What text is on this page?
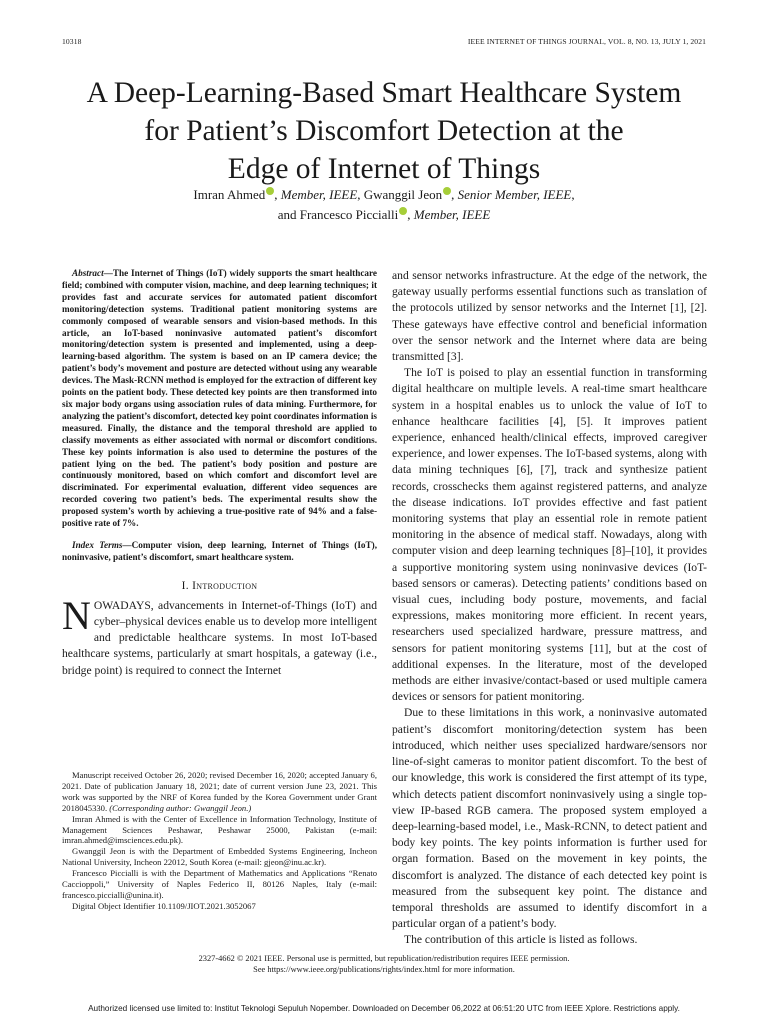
10318	IEEE INTERNET OF THINGS JOURNAL, VOL. 8, NO. 13, JULY 1, 2021
A Deep-Learning-Based Smart Healthcare System
for Patient’s Discomfort Detection at the
Edge of Internet of Things
Imran Ahmed , Member, IEEE, Gwanggil Jeon , Senior Member, IEEE,
and Francesco Piccialli , Member, IEEE

Abstract—The Internet of Things (IoT) widely supports the smart healthcare field; combined with computer vision, machine, and deep learning techniques; it provides fast and accurate services for automated patient discomfort monitoring/detection systems. Traditional patient monitoring systems are commonly composed of wearable sensors and vision-based methods. In this article, an IoT-based noninvasive automated patient’s discomfort monitoring/detection system is presented and implemented, using a deep-learning-based algorithm. The system is based on an IP camera device; the patient’s body’s movement and posture are detected without using any wearable devices. The Mask-RCNN method is employed for the extraction of different key points on the patient body. These detected key points are then transformed into six major body organs using association rules of data mining. Furthermore, for analyzing the patient’s discomfort, detected key point coordinates information is measured. Finally, the distance and the temporal threshold are applied to classify movements as either associated with normal or discomfort conditions. These key points information is also used to determine the postures of the patient lying on the bed. The patient’s body position and posture are continuously monitored, based on which comfort and discomfort level are discriminated. For experimental evaluation, different video sequences are recorded covering two patient’s beds. The experimental results show the proposed system’s worth by achieving a true-positive rate of 94% and a false-positive rate of 7%.

Index Terms—Computer vision, deep learning, Internet of Things (IoT), noninvasive, patient’s discomfort, smart healthcare system.

I. Introduction

NOWADAYS, advancements in Internet-of-Things (IoT) and cyber–physical devices enable us to develop more intelligent and predictable healthcare systems. In most IoT-based healthcare systems, particularly at smart hospitals, a gateway (i.e., bridge point) is required to connect the Internet

Manuscript received October 26, 2020; revised December 16, 2020; accepted January 6, 2021. Date of publication January 18, 2021; date of current version June 23, 2021. This work was supported by the NRF of Korea funded by the Korea Government under Grant 2018045330. (Corresponding author: Gwanggil Jeon.)

Imran Ahmed is with the Center of Excellence in Information Technology, Institute of Management Sciences Peshawar, Peshawar 25000, Pakistan (e-mail: imran.ahmed@imsciences.edu.pk).

Gwanggil Jeon is with the Department of Embedded Systems Engineering, Incheon National University, Incheon 22012, South Korea (e-mail: gjeon@inu.ac.kr).

Francesco Piccialli is with the Department of Mathematics and Applications “Renato Caccioppoli,” University of Naples Federico II, 80126 Naples, Italy (e-mail: francesco.piccialli@unina.it).

Digital Object Identifier 10.1109/JIOT.2021.3052067

and sensor networks infrastructure. At the edge of the network, the gateway usually performs essential functions such as translation of the protocols utilized by sensor networks and the Internet [1], [2]. These gateways have effective control and beneficial information over the sensor network and the Internet where data are being transmitted [3].

The IoT is poised to play an essential function in transforming digital healthcare on multiple levels. A real-time smart healthcare system in a hospital enables us to unlock the value of IoT to enhance healthcare facilities [4], [5]. It improves patient experience, enhanced health/clinical effects, improved caregiver experience, and lower expenses. The IoT-based systems, along with data mining techniques [6], [7], track and synthesize patient records, crosschecks them against registered patterns, and analyze the disease indications. IoT provides effective and fast patient monitoring systems that play an essential role in remote patient monitoring in the absence of medical staff. Nowadays, along with computer vision and deep learning techniques [8]–[10], it provides a supportive monitoring system using noninvasive devices (IoT-based sensors or cameras). Detecting patients’ conditions based on visual cues, including body posture, movements, and facial expressions, makes monitoring more efficient. In recent years, researchers used specialized hardware, pressure mattress, and sensors for patient monitoring systems [11], but at the cost of additional expenses. In the literature, most of the developed methods are either invasive/contact-based or used multiple camera devices or sensors for patient monitoring.

Due to these limitations in this work, a noninvasive automated patient’s discomfort monitoring/detection system has been introduced, which neither uses specialized hardware/sensors nor line-of-sight cameras to monitor patient discomfort. To the best of our knowledge, this work is considered the first attempt of its type, which detects patient discomfort noninvasively using a single top-view IP-based RGB camera. The proposed system employed a deep-learning-based model, i.e., Mask-RCNN, to detect patient and body key points. The key points information is further used for organ formation. Based on the movement in key points, the discomfort is analyzed. The distance of each detected key point is measured from the subsequent key point. The distance and temporal thresholds are assumed to identify discomfort in a particular organ of a patient’s body.

The contribution of this article is listed as follows.

2327-4662 © 2021 IEEE. Personal use is permitted, but republication/redistribution requires IEEE permission.
See https://www.ieee.org/publications/rights/index.html for more information.
Authorized licensed use limited to: Institut Teknologi Sepuluh Nopember. Downloaded on December 06,2022 at 06:51:20 UTC from IEEE Xplore. Restrictions apply.
